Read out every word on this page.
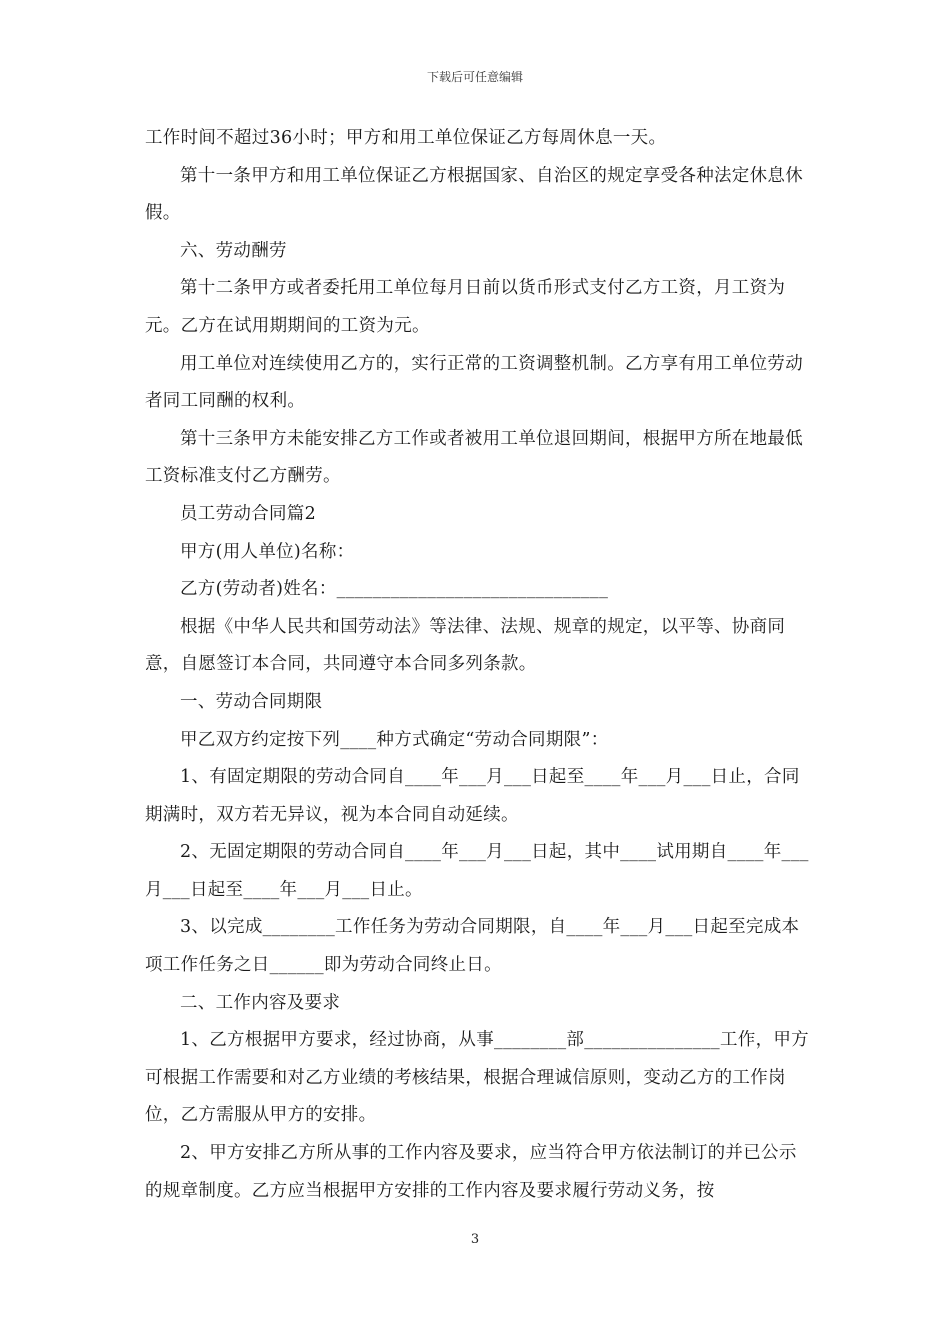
下载后可任意编辑

工作时间不超过36小时；甲方和用工单位保证乙方每周休息一天。

第十一条甲方和用工单位保证乙方根据国家、自治区的规定享受各种法定休息休假。

六、劳动酬劳

第十二条甲方或者委托用工单位每月日前以货币形式支付乙方工资，月工资为元。乙方在试用期期间的工资为元。

用工单位对连续使用乙方的，实行正常的工资调整机制。乙方享有用工单位劳动者同工同酬的权利。

第十三条甲方未能安排乙方工作或者被用工单位退回期间，根据甲方所在地最低工资标准支付乙方酬劳。

员工劳动合同篇2

甲方(用人单位)名称：

乙方(劳动者)姓名：______________________________

根据《中华人民共和国劳动法》等法律、法规、规章的规定，以平等、协商同意，自愿签订本合同，共同遵守本合同多列条款。

一、劳动合同期限

甲乙双方约定按下列____种方式确定“劳动合同期限”：

1、有固定期限的劳动合同自____年___月___日起至____年___月___日止，合同期满时，双方若无异议，视为本合同自动延续。

2、无固定期限的劳动合同自____年___月___日起，其中____试用期自____年___月___日起至____年___月___日止。

3、以完成________工作任务为劳动合同期限，自____年___月___日起至完成本项工作任务之日______即为劳动合同终止日。

二、工作内容及要求

1、乙方根据甲方要求，经过协商，从事________部_______________工作，甲方可根据工作需要和对乙方业绩的考核结果，根据合理诚信原则，变动乙方的工作岗位，乙方需服从甲方的安排。

2、甲方安排乙方所从事的工作内容及要求，应当符合甲方依法制订的并已公示的规章制度。乙方应当根据甲方安排的工作内容及要求履行劳动义务，按

3
